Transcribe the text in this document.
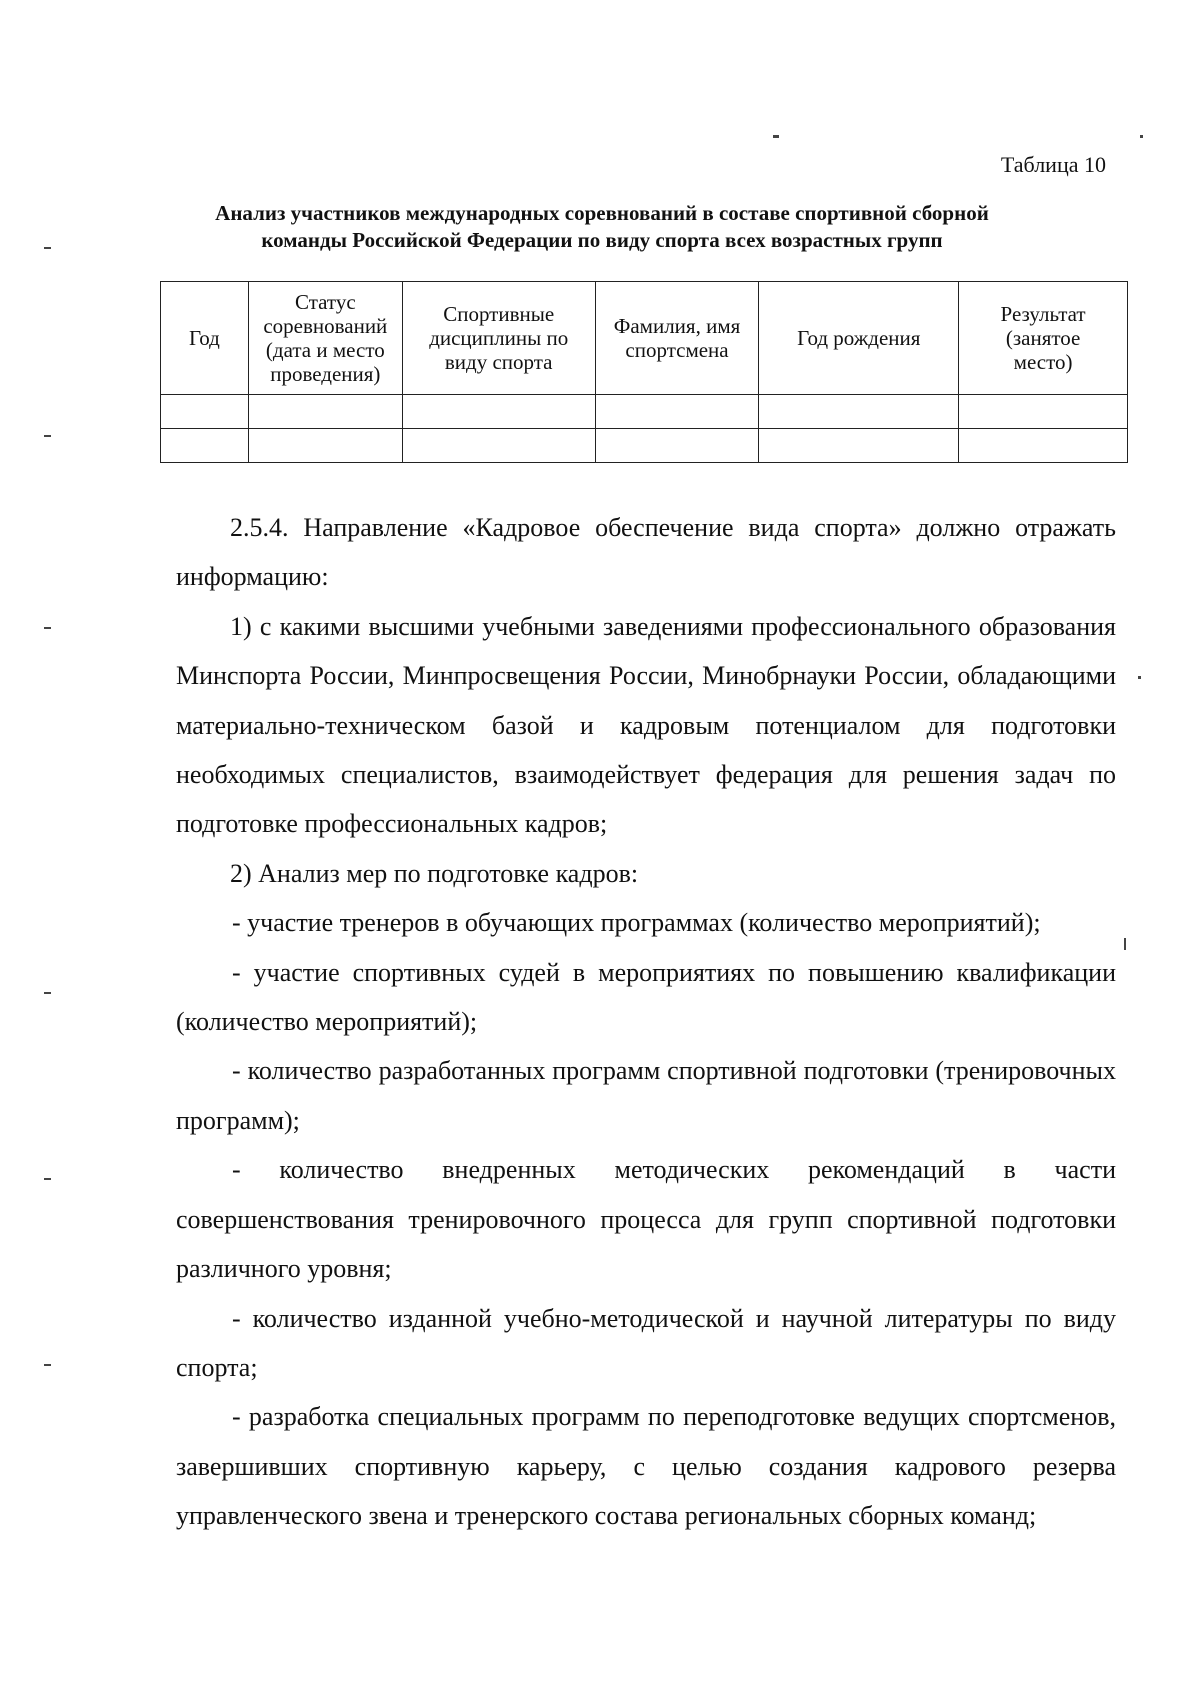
Таблица 10
Анализ участников международных соревнований в составе спортивной сборной
команды Российской Федерации по виду спорта всех возрастных групп
Год	Статус
соревнований
(дата и место
проведения)	Спортивные
дисциплины по
виду спорта	Фамилия, имя
спортсмена	Год рождения	Результат
(занятое
место)

2.5.4. Направление «Кадровое обеспечение вида спорта» должно отражать информацию:

1) с какими высшими учебными заведениями профессионального образования Минспорта России, Минпросвещения России, Минобрнауки России, обладающими материально-техническом базой и кадровым потенциалом для подготовки необходимых специалистов, взаимодействует федерация для решения задач по подготовке профессиональных кадров;

2) Анализ мер по подготовке кадров:

- участие тренеров в обучающих программах (количество мероприятий);

- участие спортивных судей в мероприятиях по повышению квалификации (количество мероприятий);

- количество разработанных программ спортивной подготовки (тренировочных программ);

- количество внедренных методических рекомендаций в части совершенствования тренировочного процесса для групп спортивной подготовки различного уровня;

- количество изданной учебно-методической и научной литературы по виду спорта;

- разработка специальных программ по переподготовке ведущих спортсменов, завершивших спортивную карьеру, с целью создания кадрового резерва управленческого звена и тренерского состава региональных сборных команд;
